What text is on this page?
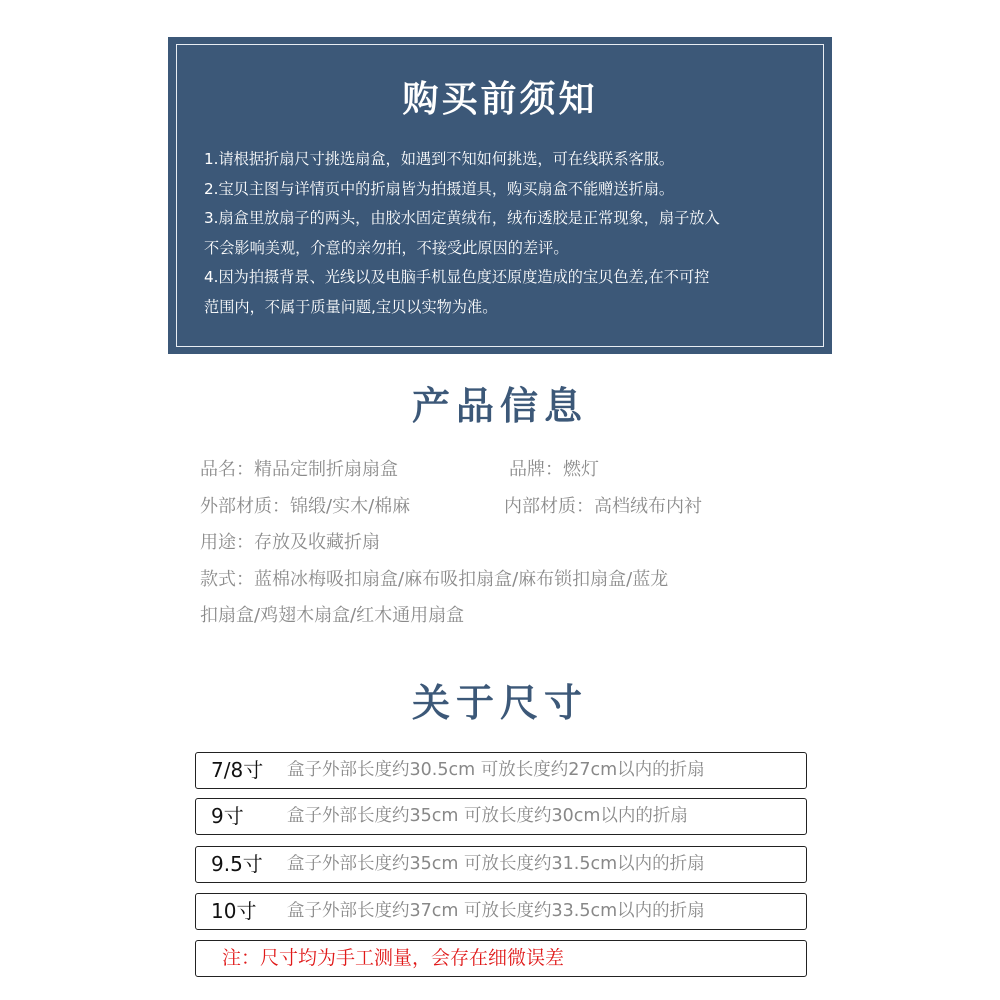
购买前须知
1.请根据折扇尺寸挑选扇盒，如遇到不知如何挑选，可在线联系客服。
2.宝贝主图与详情页中的折扇皆为拍摄道具，购买扇盒不能赠送折扇。
3.扇盒里放扇子的两头，由胶水固定黄绒布，绒布透胶是正常现象，扇子放入
不会影响美观，介意的亲勿拍，不接受此原因的差评。
4.因为拍摄背景、光线以及电脑手机显色度还原度造成的宝贝色差,在不可控
范围内，不属于质量问题,宝贝以实物为准。
产品信息
品名：精品定制折扇扇盒	品牌：燃灯
外部材质：锦缎/实木/棉麻	内部材质：高档绒布内衬
用途：存放及收藏折扇
款式：蓝棉冰梅吸扣扇盒/麻布吸扣扇盒/麻布锁扣扇盒/蓝龙
扣扇盒/鸡翅木扇盒/红木通用扇盒
关于尺寸
7/8寸 盒子外部长度约30.5cm 可放长度约27cm以内的折扇
9寸 盒子外部长度约35cm 可放长度约30cm以内的折扇
9.5寸 盒子外部长度约35cm 可放长度约31.5cm以内的折扇
10寸 盒子外部长度约37cm 可放长度约33.5cm以内的折扇
注：尺寸均为手工测量，会存在细微误差
